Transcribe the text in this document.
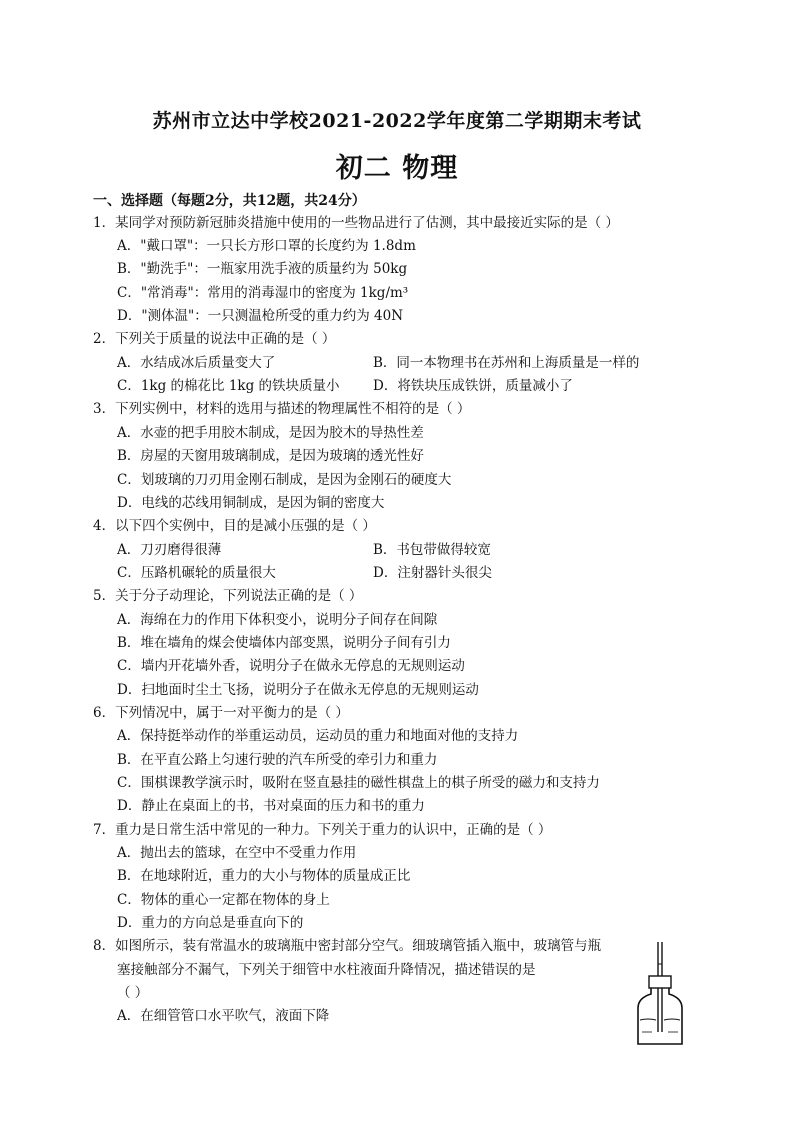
苏州市立达中学校2021-2022学年度第二学期期末考试
初二 物理
一、选择题（每题2分，共12题，共24分）
1．某同学对预防新冠肺炎措施中使用的一些物品进行了估测，其中最接近实际的是（ ）
A．"戴口罩"：一只长方形口罩的长度约为 1.8dm
B．"勤洗手"：一瓶家用洗手液的质量约为 50kg
C．"常消毒"：常用的消毒湿巾的密度为 1kg/m³
D．"测体温"：一只测温枪所受的重力约为 40N
2．下列关于质量的说法中正确的是（ ）
A．水结成冰后质量变大了	B．同一本物理书在苏州和上海质量是一样的
C．1kg 的棉花比 1kg 的铁块质量小 D．将铁块压成铁饼，质量减小了
3．下列实例中，材料的选用与描述的物理属性不相符的是（ ）
A．水壶的把手用胶木制成，是因为胶木的导热性差
B．房屋的天窗用玻璃制成，是因为玻璃的透光性好
C．划玻璃的刀刃用金刚石制成，是因为金刚石的硬度大
D．电线的芯线用铜制成，是因为铜的密度大
4．以下四个实例中，目的是减小压强的是（ ）
A．刀刃磨得很薄	B．书包带做得较宽
C．压路机碾轮的质量很大	D．注射器针头很尖
5．关于分子动理论，下列说法正确的是（ ）
A．海绵在力的作用下体积变小，说明分子间存在间隙
B．堆在墙角的煤会使墙体内部变黑，说明分子间有引力
C．墙内开花墙外香，说明分子在做永无停息的无规则运动
D．扫地面时尘土飞扬，说明分子在做永无停息的无规则运动
6．下列情况中，属于一对平衡力的是（ ）
A．保持挺举动作的举重运动员，运动员的重力和地面对他的支持力
B．在平直公路上匀速行驶的汽车所受的牵引力和重力
C．围棋课教学演示时，吸附在竖直悬挂的磁性棋盘上的棋子所受的磁力和支持力
D．静止在桌面上的书，书对桌面的压力和书的重力
7．重力是日常生活中常见的一种力。下列关于重力的认识中，正确的是（ ）
A．抛出去的篮球，在空中不受重力作用
B．在地球附近，重力的大小与物体的质量成正比
C．物体的重心一定都在物体的身上
D．重力的方向总是垂直向下的
8．如图所示，装有常温水的玻璃瓶中密封部分空气。细玻璃管插入瓶中，玻璃管与瓶
塞接触部分不漏气，下列关于细管中水柱液面升降情况，描述错误的是
（ ）
A．在细管管口水平吹气，液面下降
